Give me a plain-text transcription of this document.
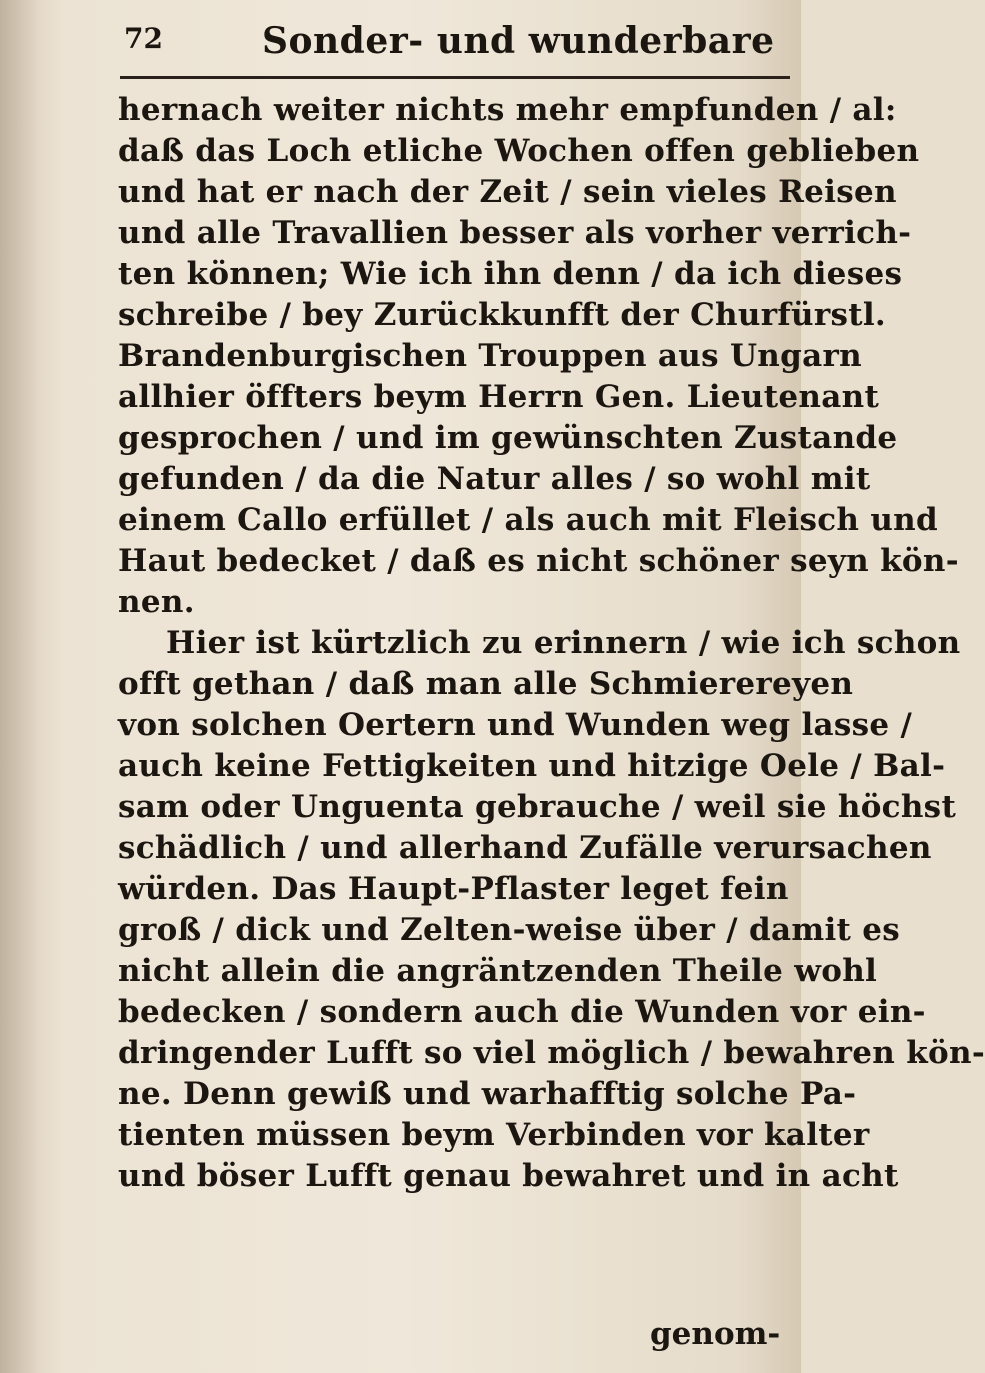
72	Sonder- und wunderbare
hernach weiter nichts mehr empfunden / al:
daß das Loch etliche Wochen offen geblieben
und hat er nach der Zeit / sein vieles Reisen
und alle Travallien besser als vorher verrich-
ten können; Wie ich ihn denn / da ich dieses
schreibe / bey Zurückkunfft der Churfürstl.
Brandenburgischen Trouppen aus Ungarn
allhier öffters beym Herrn Gen. Lieutenant
gesprochen / und im gewünschten Zustande
gefunden / da die Natur alles / so wohl mit
einem Callo erfüllet / als auch mit Fleisch und
Haut bedecket / daß es nicht schöner seyn kön-
nen.
Hier ist kürtzlich zu erinnern / wie ich schon
offt gethan / daß man alle Schmierereyen
von solchen Oertern und Wunden weg lasse /
auch keine Fettigkeiten und hitzige Oele / Bal-
sam oder Unguenta gebrauche / weil sie höchst
schädlich / und allerhand Zufälle verursachen
würden. Das Haupt-Pflaster leget fein
groß / dick und Zelten-weise über / damit es
nicht allein die angräntzenden Theile wohl
bedecken / sondern auch die Wunden vor ein-
dringender Lufft so viel möglich / bewahren kön-
ne. Denn gewiß und warhafftig solche Pa-
tienten müssen beym Verbinden vor kalter
und böser Lufft genau bewahret und in acht
genom-
